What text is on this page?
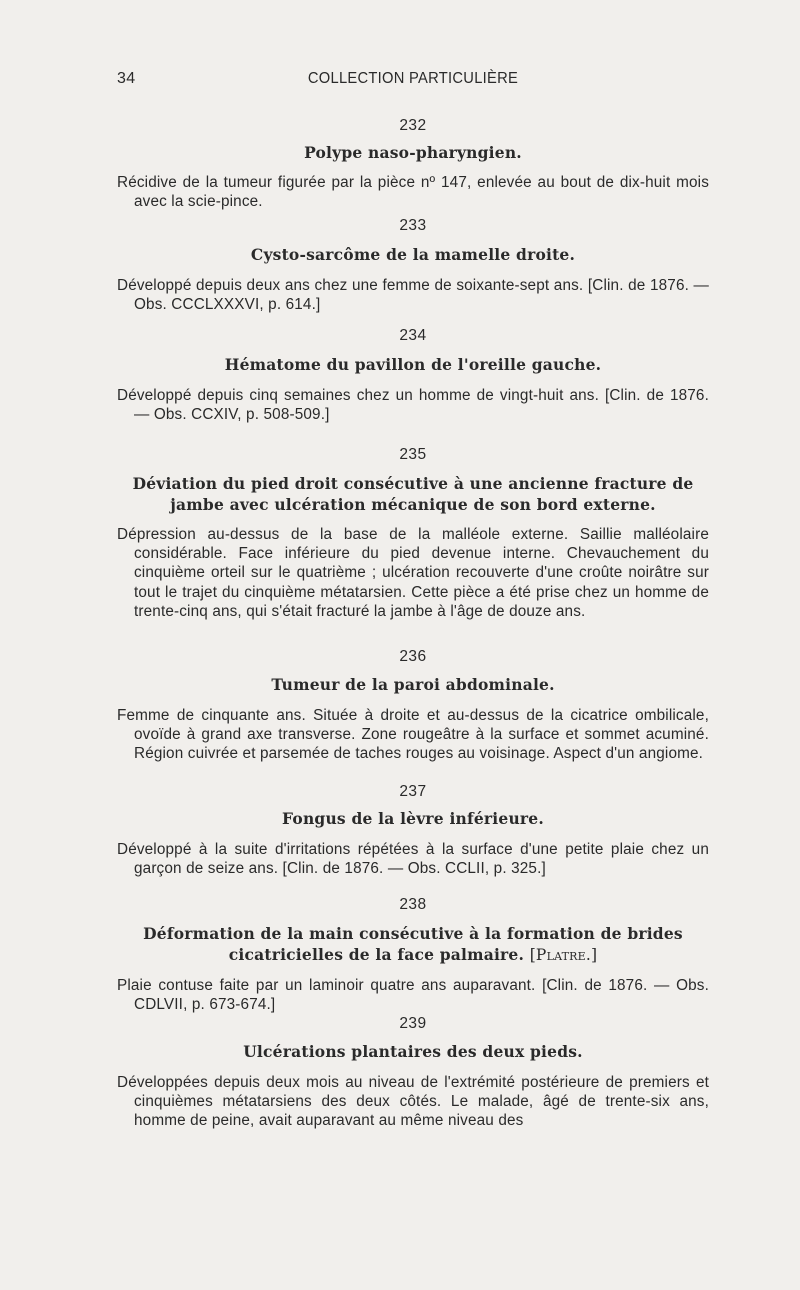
34	COLLECTION PARTICULIÈRE
232
Polype naso-pharyngien.
Récidive de la tumeur figurée par la pièce nº 147, enlevée au bout de dix-huit mois avec la scie-pince.
233
Cysto-sarcôme de la mamelle droite.
Développé depuis deux ans chez une femme de soixante-sept ans. [Clin. de 1876. — Obs. CCCLXXXVI, p. 614.]
234
Hématome du pavillon de l'oreille gauche.
Développé depuis cinq semaines chez un homme de vingt-huit ans. [Clin. de 1876. — Obs. CCXIV, p. 508-509.]
235
Déviation du pied droit consécutive à une ancienne fracture de
jambe avec ulcération mécanique de son bord externe.
Dépression au-dessus de la base de la malléole externe. Saillie malléolaire considérable. Face inférieure du pied devenue interne. Chevauchement du cinquième orteil sur le quatrième ; ulcération recouverte d'une croûte noirâtre sur tout le trajet du cinquième métatarsien. Cette pièce a été prise chez un homme de trente-cinq ans, qui s'était fracturé la jambe à l'âge de douze ans.
236
Tumeur de la paroi abdominale.
Femme de cinquante ans. Située à droite et au-dessus de la cicatrice ombilicale, ovoïde à grand axe transverse. Zone rougeâtre à la surface et sommet acuminé. Région cuivrée et parsemée de taches rouges au voisinage. Aspect d'un angiome.
237
Fongus de la lèvre inférieure.
Développé à la suite d'irritations répétées à la surface d'une petite plaie chez un garçon de seize ans. [Clin. de 1876. — Obs. CCLII, p. 325.]
238
Déformation de la main consécutive à la formation de brides
cicatricielles de la face palmaire. [Platre.]
Plaie contuse faite par un laminoir quatre ans auparavant. [Clin. de 1876. — Obs. CDLVII, p. 673-674.]
239
Ulcérations plantaires des deux pieds.
Développées depuis deux mois au niveau de l'extrémité postérieure de premiers et cinquièmes métatarsiens des deux côtés. Le malade, âgé de trente-six ans, homme de peine, avait auparavant au même niveau des
